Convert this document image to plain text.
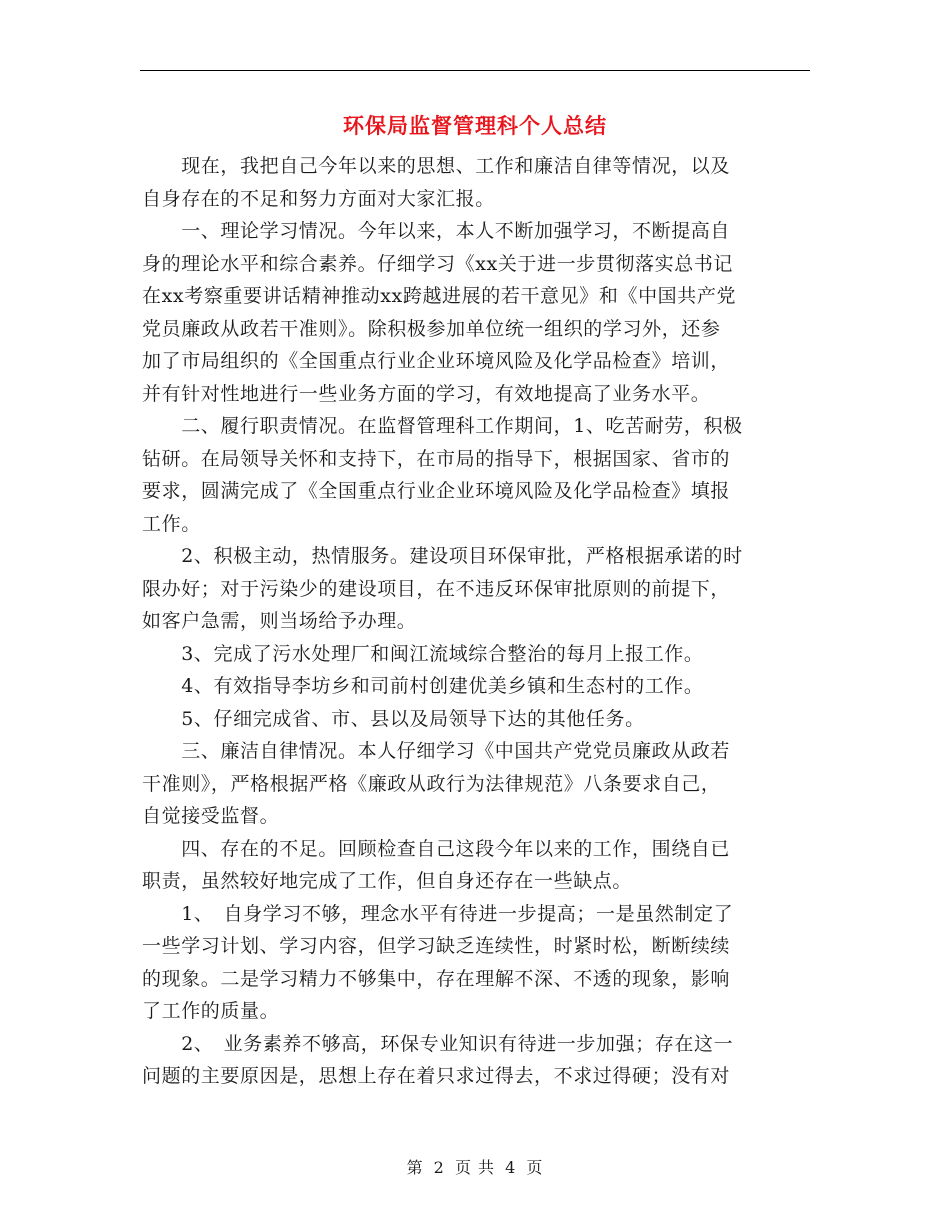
环保局监督管理科个人总结

　　现在，我把自己今年以来的思想、工作和廉洁自律等情况，以及
自身存在的不足和努力方面对大家汇报。

　　一、理论学习情况。今年以来，本人不断加强学习，不断提高自
身的理论水平和综合素养。仔细学习《xx关于进一步贯彻落实总书记
在xx考察重要讲话精神推动xx跨越进展的若干意见》和《中国共产党
党员廉政从政若干准则》。除积极参加单位统一组织的学习外，还参
加了市局组织的《全国重点行业企业环境风险及化学品检查》培训，
并有针对性地进行一些业务方面的学习，有效地提高了业务水平。

　　二、履行职责情况。在监督管理科工作期间，1、吃苦耐劳，积极
钻研。在局领导关怀和支持下，在市局的指导下，根据国家、省市的
要求，圆满完成了《全国重点行业企业环境风险及化学品检查》填报
工作。

　　2、积极主动，热情服务。建设项目环保审批，严格根据承诺的时
限办好；对于污染少的建设项目，在不违反环保审批原则的前提下，
如客户急需，则当场给予办理。

　　3、完成了污水处理厂和闽江流域综合整治的每月上报工作。

　　4、有效指导李坊乡和司前村创建优美乡镇和生态村的工作。

　　5、仔细完成省、市、县以及局领导下达的其他任务。

　　三、廉洁自律情况。本人仔细学习《中国共产党党员廉政从政若
干准则》，严格根据严格《廉政从政行为法律规范》八条要求自己，
自觉接受监督。

　　四、存在的不足。回顾检查自己这段今年以来的工作，围绕自已
职责，虽然较好地完成了工作，但自身还存在一些缺点。

　　1、　自身学习不够，理念水平有待进一步提高；一是虽然制定了
一些学习计划、学习内容，但学习缺乏连续性，时紧时松，断断续续
的现象。二是学习精力不够集中，存在理解不深、不透的现象，影响
了工作的质量。

　　2、　业务素养不够高，环保专业知识有待进一步加强；存在这一
问题的主要原因是，思想上存在着只求过得去，不求过得硬；没有对

第 2 页 共 4 页
